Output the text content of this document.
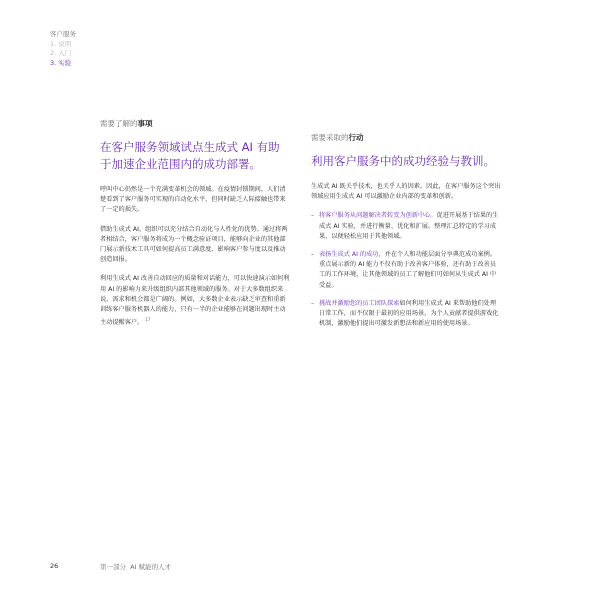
客户服务
1. 说明
2. 入门
3. 实验

需要了解的事项

在客户服务领域试点生成式 AI 有助于加速企业范围内的成功部署。

呼叫中心仍然是一个充满变革机会的领域。在疫情封锁期间，人们清楚看到了客户服务可实现的自动化水平，但同时缺乏人际接触也带来了一定的损失。

借助生成式 AI，组织可以充分结合自动化与人性化的优势。通过将两者相结合，客户服务将成为一个概念验证项目，能够向企业的其他部门展示新技术工具可如何提高员工满意度、影响客户参与度以及推动创造回报。

利用生成式 AI 改善自动回应的质量和对话能力，可以快速演示如何利用 AI 的影响力来升级组织内部其他领域的服务。对于大多数组织来说，需求和机会都是广阔的。例如，大多数企业表示缺乏审查和重新训练客户服务机器人的能力，只有一半的企业能够在问题出现时主动主动提醒客户。 $^{17}$

需要采取的行动

利用客户服务中的成功经验与教训。

生成式 AI 既关乎技术，也关乎人的因素。因此，在客户服务这个突出领域应用生成式 AI 可以激励企业内部的变革和创新。

– 将客户服务从问题解决者转变为创新中心。促进开展基于结果的生成式 AI 实验，并进行衡量、优化和扩展。整理汇总特定的学习成果，以便轻松应用于其他领域。
– 表扬生成式 AI 的成功，并在个人和功能层面分享典范成功案例。重点展示新的 AI 能力不仅有助于改善客户体验，还有助于改善员工的工作环境，让其他领域的员工了解他们可如何从生成式 AI 中受益。
– 挑战并激励您的员工团队探索如何利用生成式 AI 来帮助他们处理日常工作，而不仅限于最初的应用场景。为个人贡献者提供游戏化机制，激励他们提出可激发新想法和新应用的使用场景。
26	第一部分 AI 赋能的人才
